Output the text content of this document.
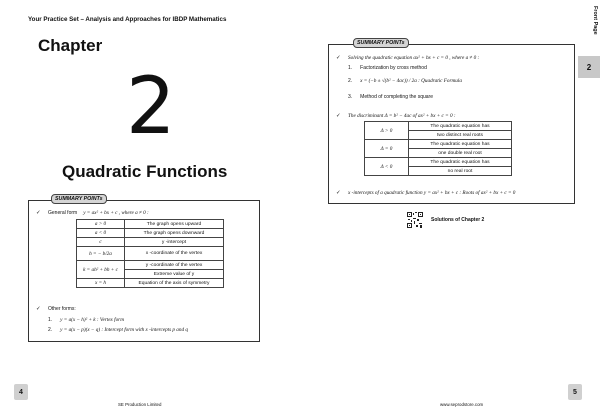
Your Practice Set – Analysis and Approaches for IBDP Mathematics	Front Page
2
Chapter
2
Quadratic Functions
SUMMARY POINTs
✓ General form y = ax² + bx + c , where a ≠ 0 :
a > 0	The graph opens upward
a < 0	The graph opens downward
c	y -intercept
h = − b/2a	x -coordinate of the vertex
k = ah² + bh + c	y -coordinate of the vertex
	Extreme value of y
x = h	Equation of the axis of symmetry
✓ Other forms:
1. y = a(x − h)² + k : Vertex form
2. y = a(x − p)(x − q) : Intercept form with x -intercepts p and q
4
SE Production Limited
SUMMARY POINTs
✓ Solving the quadratic equation ax² + bx + c = 0 , where a ≠ 0 :
1. Factorization by cross method
2. x = (−b ± √(b² − 4ac)) / 2a : Quadratic Formula
3. Method of completing the square
✓ The discriminant Δ = b² − 4ac of ax² + bx + c = 0 :
Δ > 0	The quadratic equation has
	two distinct real roots
Δ = 0	The quadratic equation has
	one double real root
Δ < 0	The quadratic equation has
	no real root
✓ x -intercepts of a quadratic function y = ax² + bx + c : Roots of ax² + bx + c = 0
Solutions of Chapter 2
5
www.seprodstore.com
